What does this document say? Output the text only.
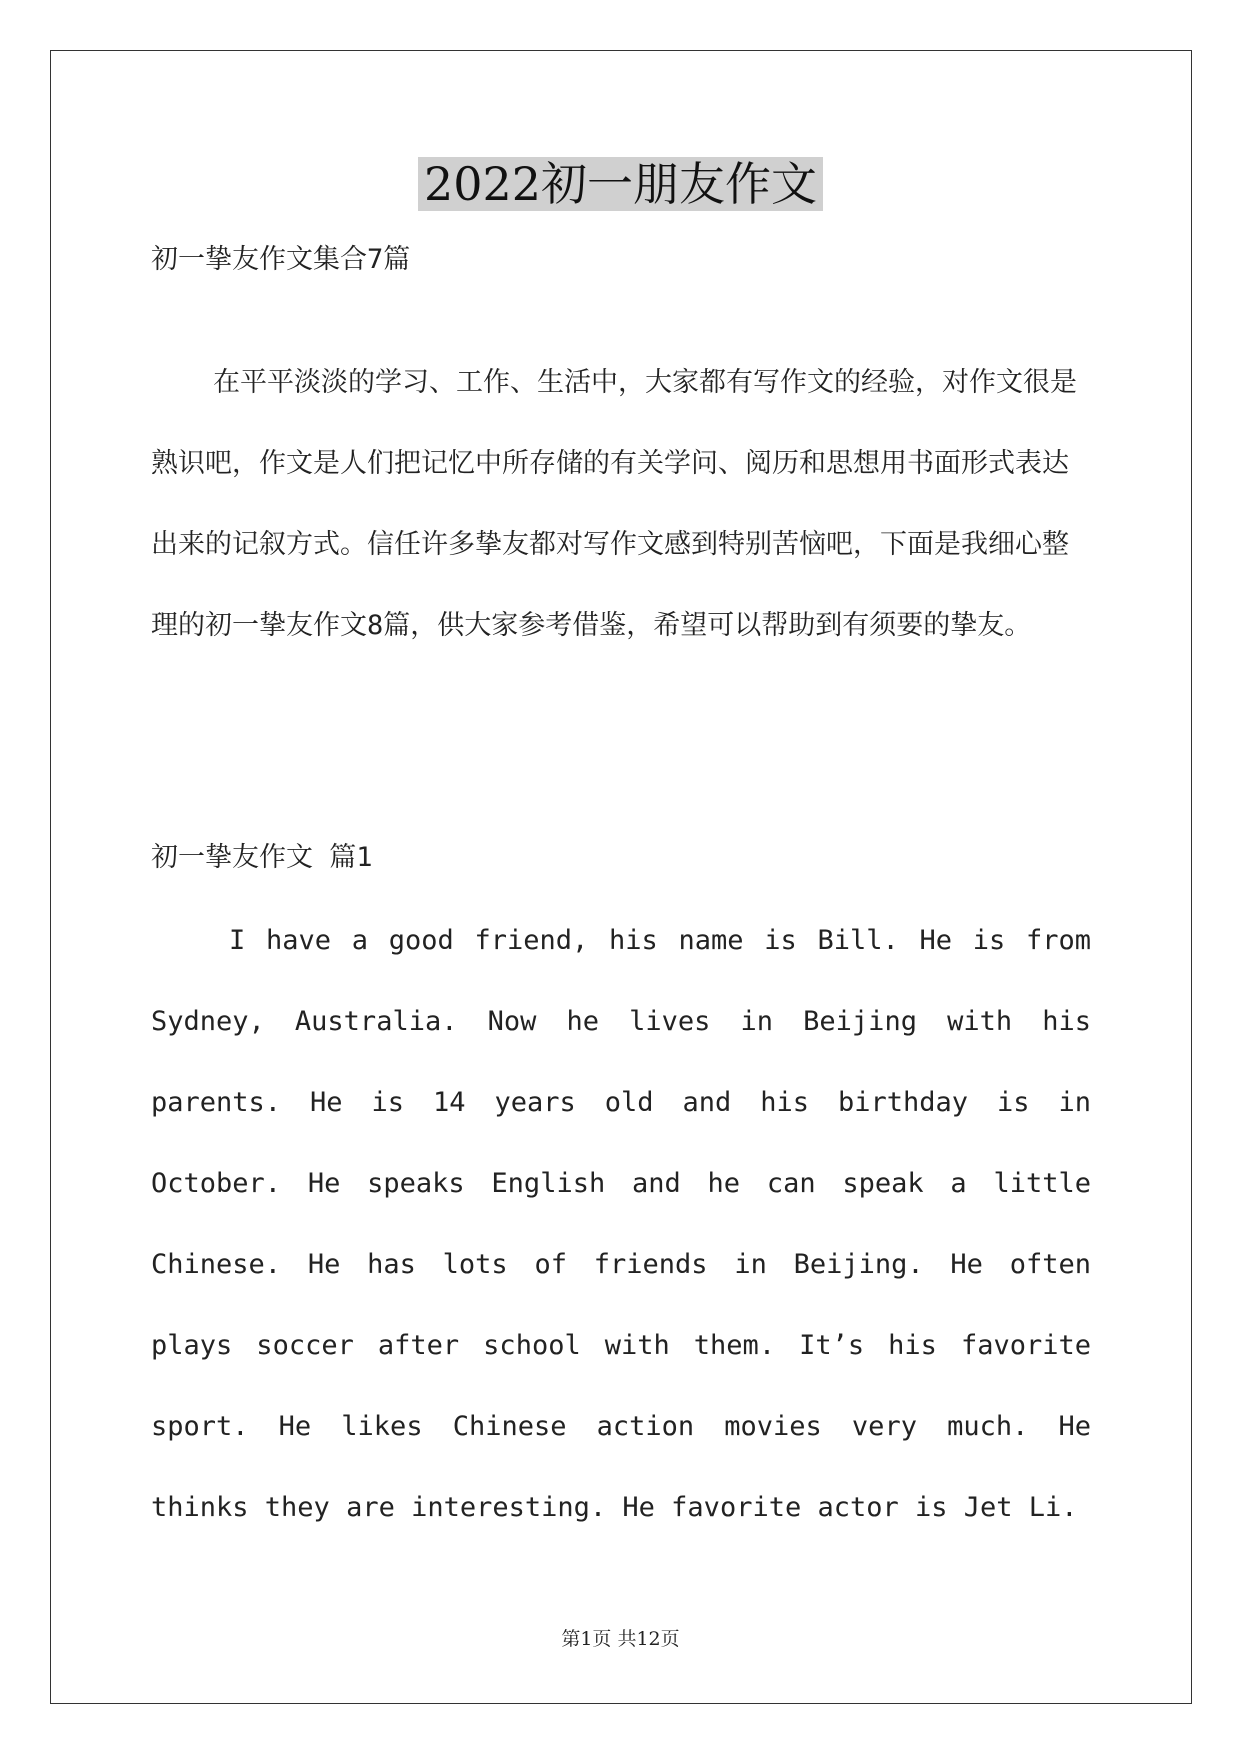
2022初一朋友作文

初一挚友作文集合7篇

在平平淡淡的学习、工作、生活中，大家都有写作文的经验，对作文很是熟识吧，作文是人们把记忆中所存储的有关学问、阅历和思想用书面形式表达出来的记叙方式。信任许多挚友都对写作文感到特别苦恼吧，下面是我细心整理的初一挚友作文8篇，供大家参考借鉴，希望可以帮助到有须要的挚友。

初一挚友作文 篇1

I have a good friend, his name is Bill. He is from Sydney, Australia. Now he lives in Beijing with his parents. He is 14 years old and his birthday is in October. He speaks English and he can speak a little Chinese. He has lots of friends in Beijing. He often plays soccer after school with them. It’s his favorite sport. He likes Chinese action movies very much. He thinks they are interesting. He favorite actor is Jet Li.

第1页 共12页
